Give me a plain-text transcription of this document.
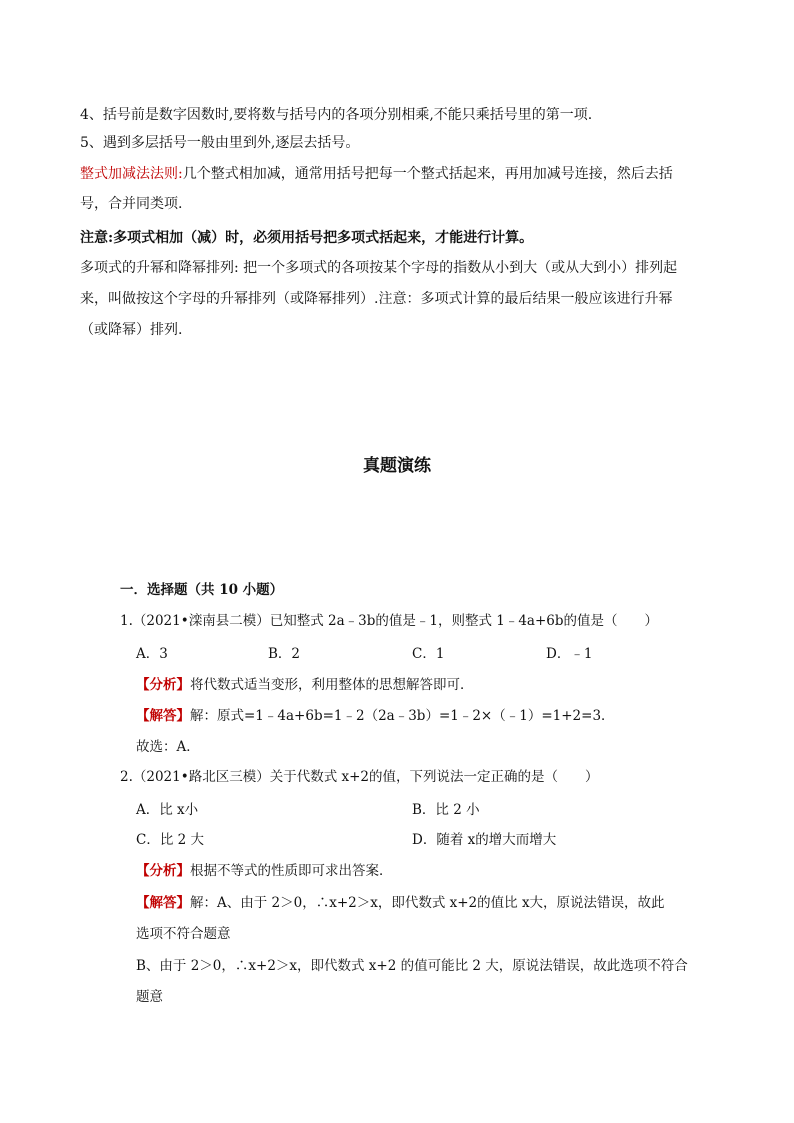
4、括号前是数字因数时,要将数与括号内的各项分别相乘,不能只乘括号里的第一项.
5、遇到多层括号一般由里到外,逐层去括号。
整式加减法法则:几个整式相加减，通常用括号把每一个整式括起来，再用加减号连接，然后去括
号，合并同类项.
注意:多项式相加（减）时，必须用括号把多项式括起来，才能进行计算。
多项式的升幂和降幂排列: 把一个多项式的各项按某个字母的指数从小到大（或从大到小）排列起
来，叫做按这个字母的升幂排列（或降幂排列）.注意：多项式计算的最后结果一般应该进行升幂
（或降幂）排列.
真题演练
一．选择题（共 10 小题）
1.（2021•滦南县二模）已知整式 2a﹣3b的值是﹣1，则整式 1﹣4a+6b的值是（　　）
A．3	B．2	C．1	D．﹣1
【分析】将代数式适当变形，利用整体的思想解答即可．
【解答】解：原式=1﹣4a+6b=1﹣2（2a﹣3b）=1﹣2×（﹣1）=1+2=3．
故选：A．
2.（2021•路北区三模）关于代数式 x+2的值，下列说法一定正确的是（　　）
A．比 x小	B．比 2 小
C．比 2 大	D．随着 x的增大而增大
【分析】根据不等式的性质即可求出答案．
【解答】解：A、由于 2＞0，∴x+2＞x，即代数式 x+2的值比 x大，原说法错误，故此
选项不符合题意
B、由于 2＞0，∴x+2＞x，即代数式 x+2 的值可能比 2 大，原说法错误，故此选项不符合
题意
